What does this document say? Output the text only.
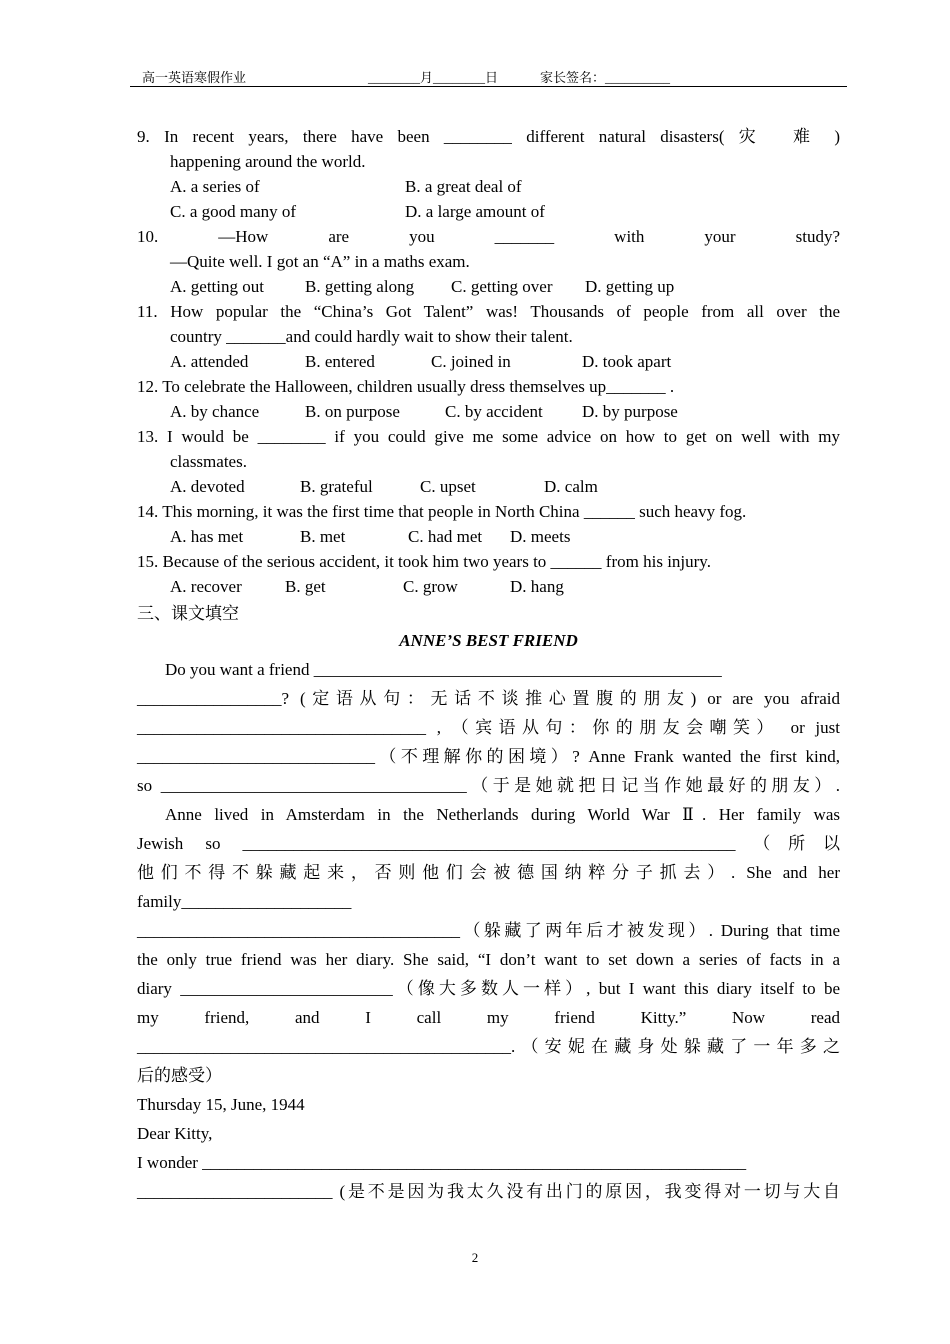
高一英语寒假作业	________月________日	家长签名：__________
9. In recent years, there have been ________ different natural disasters( 灾　难 )
happening around the world.
A. a series of	B. a great deal of
C. a good many of	D. a large amount of
10. —How are you _______ with your study?
—Quite well. I got an “A” in a maths exam.
A. getting out B. getting along C. getting over D. getting up
11. How popular the “China’s Got Talent” was! Thousands of people from all over the
country _______and could hardly wait to show their talent.
A. attended	B. entered	C. joined in	D. took apart
12. To celebrate the Halloween, children usually dress themselves up_______ .
A. by chance	B. on purpose	C. by accident D. by purpose
13. I would be ________ if you could give me some advice on how to get on well with my
classmates.
A. devoted	B. grateful	C. upset	D. calm
14. This morning, it was the first time that people in North China ______ such heavy fog.
A. has met	B. met	C. had met D. meets
15. Because of the serious accident, it took him two years to ______ from his injury.
A. recover	B. get	C. grow	D. hang
三、课文填空
ANNE’S BEST FRIEND
Do you want a friend ________________________________________________
_________________? (定语从句：无话不谈推心置腹的朋友) or are you afraid
__________________________________ , （宾语从句：你的朋友会嘲笑） or just
____________________________（不理解你的困境）? Anne Frank wanted the first kind,
so ____________________________________（于是她就把日记当作她最好的朋友）.
Anne lived in Amsterdam in the Netherlands during World War Ⅱ. Her family was
Jewish so __________________________________________________________（所以
他们不得不躲藏起来，否则他们会被德国纳粹分子抓去）. She and her
family____________________
______________________________________（躲藏了两年后才被发现）. During that time
the only true friend was her diary. She said, “I don’t want to set down a series of facts in a
diary _________________________（像大多数人一样）, but I want this diary itself to be
my friend, and I call my friend Kitty.” Now read
____________________________________________.（安妮在藏身处躲藏了一年多之
后的感受）
Thursday 15, June, 1944
Dear Kitty,
I wonder ________________________________________________________________
_______________________ (是不是因为我太久没有出门的原因，我变得对一切与大自
2
